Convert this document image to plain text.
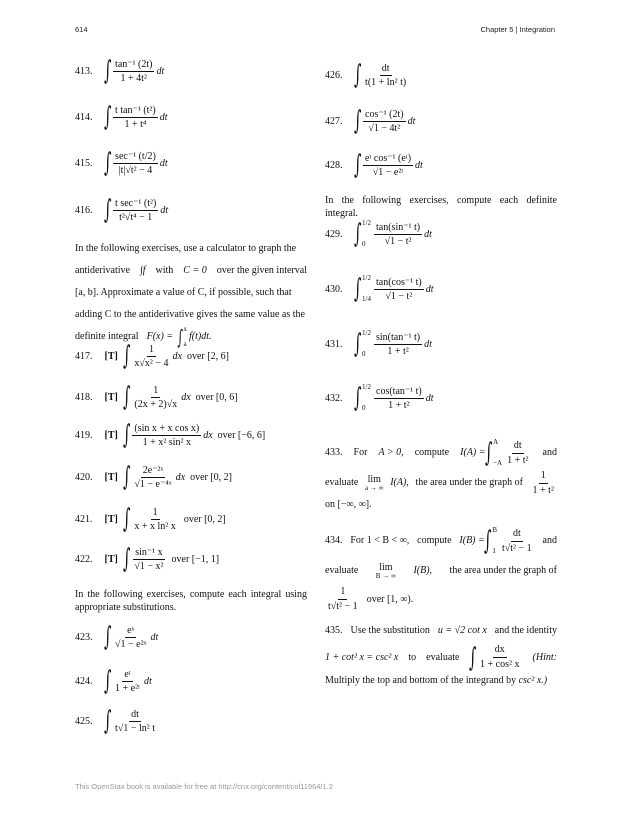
614	Chapter 5 | Integration
413. ∫ $\frac{\text{tan⁻¹ (2t)}}{\text{1 + 4t²}}$ dt
414. ∫ $\frac{\text{t tan⁻¹ (t²)}}{\text{1 + t⁴}}$ dt
415. ∫ $\frac{\text{sec⁻¹ (t/2)}}{\text{|t|√t² − 4}}$ dt
416. ∫ $\frac{\text{t sec⁻¹ (t²)}}{\text{t²√t⁴ − 1}}$ dt
In the following exercises, use a calculator to graph the
antiderivative ∫f with C = 0 over the given interval
[a, b]. Approximate a value of C, if possible, such that
adding C to the antiderivative gives the same value as the
definite integral F(x) = ∫ x
a
f(t)dt.
417. [T] ∫ $\frac{1}{\text{x√x² − 4}}$ dx over [2, 6]
418. [T] ∫ $\frac{1}{(2x + 2)√x}$ dx over [0, 6]
419. [T] ∫ $\frac{\text{(sin x + x cos x)}}{\text{1 + x² sin² x}}$ dx over [−6, 6]
420. [T] ∫ $\frac{\text{2e⁻²ˣ}}{\text{√1 − e⁻⁴ˣ}}$ dx over [0, 2]
421. [T] ∫ $\frac{1}{\text{x + x ln² x}}$ over [0, 2]
422. [T] ∫ $\frac{\text{sin⁻¹ x}}{\text{√1 − x²}}$ over [−1, 1]
In the following exercises, compute each integral using appropriate substitutions.
423. ∫ $\frac{\text{eˣ}}{\text{√1 − e²ˣ}}$ dt
424. ∫ $\frac{\text{eᵗ}}{\text{1 + e²ᵗ}}$ dt
425. ∫ $\frac{dt}{\text{t√1 − ln² t}}$
426. ∫ $\frac{dt}{\text{t(1 + ln² t)}}$
427. ∫ $\frac{\text{cos⁻¹ (2t)}}{\text{√1 − 4t²}}$ dt
428. ∫ $\frac{\text{eᵗ cos⁻¹ (eᵗ)}}{\text{√1 − e²ᵗ}}$ dt
In the following exercises, compute each definite integral.
429. ∫ 1/2
$0 \frac{\text{tan(sin⁻¹ t)}}{\text{√1 − t²}}$ dt
430. ∫ 1/2
$1/4 \frac{\text{tan(cos⁻¹ t)}}{\text{√1 − t²}}$ dt
431. ∫ 1/2
$0 \frac{\text{sin(tan⁻¹ t)}}{\text{1 + t²}}$ dt
432. ∫ 1/2
$0 \frac{\text{cos(tan⁻¹ t)}}{\text{1 + t²}}$ dt
433. For A > 0, compute I(A) = ∫ A
$-A \frac{dt}{\text{1 + t²}}$ and
evaluate lim
a → ∞ I(A), the area under the graph of $\frac{1}{\text{1 + t²}}$
on [−∞, ∞].
434. For 1 < B < ∞, compute I(B) = ∫ B
$1 \frac{dt}{\text{t√t² − 1}}$ and
evaluate lim
B → ∞ I(B), the area under the graph of
$\frac{1}{\text{t√t² − 1}}$ over [1, ∞).
435. Use the substitution u = √2 cot x and the identity
1 + cot² x = csc² x to evaluate ∫ $\frac{dx}{\text{1 + cos² x}}$ (Hint:
Multiply the top and bottom of the integrand by csc² x.)
This OpenStax book is available for free at http://cnx.org/content/col11964/1.2
